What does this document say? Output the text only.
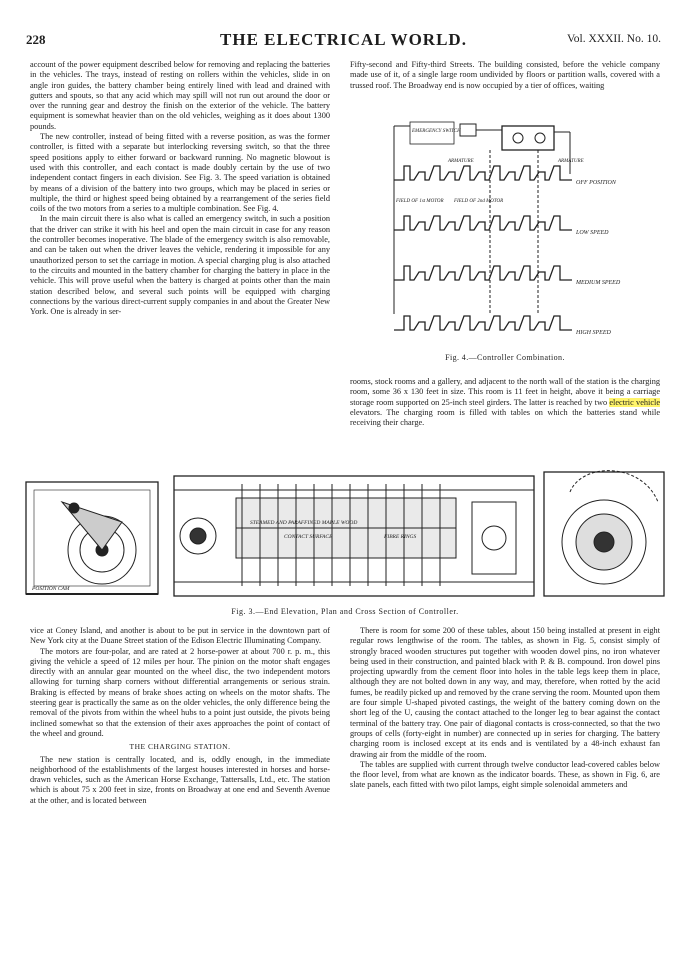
228	THE ELECTRICAL WORLD.	Vol. XXXII. No. 10.

account of the power equipment described below for removing and replacing the batteries in the vehicles. The trays, instead of resting on rollers within the vehicles, slide in on angle iron guides, the battery chamber being entirely lined with lead and drained with gutters and spouts, so that any acid which may spill will not run out around the door or over the running gear and destroy the finish on the exterior of the vehicle. The battery equipment is somewhat heavier than on the old vehicles, weighing as it does about 1300 pounds.

The new controller, instead of being fitted with a reverse position, as was the former controller, is fitted with a separate but interlocking reversing switch, so that the three speed positions apply to either forward or backward running. No magnetic blowout is used with this controller, and each contact is made doubly certain by the use of two independent contact fingers in each division. See Fig. 3. The speed variation is obtained by means of a division of the battery into two groups, which may be placed in series or multiple, the third or highest speed being obtained by a rearrangement of the series field coils of the two motors from a series to a multiple combination. See Fig. 4.

In the main circuit there is also what is called an emergency switch, in such a position that the driver can strike it with his heel and open the main circuit in case for any reason the controller becomes inoperative. The blade of the emergency switch is also removable, and can be taken out when the driver leaves the vehicle, rendering it impossible for any unauthorized person to set the carriage in motion. A special charging plug is also attached to the circuits and mounted in the battery chamber for charging the battery in place in the vehicle. This will prove useful when the battery is charged at points other than the main station described below, and several such points will be equipped with charging connections by the various direct-current supply companies in and about the Greater New York. One is already in ser-

Fifty-second and Fifty-third Streets. The building consisted, before the vehicle company made use of it, of a single large room undivided by floors or partition walls, covered with a trussed roof. The Broadway end is now occupied by a tier of offices, waiting

EMERGENCY SWITCH
ARMATURE	ARMATURE
FIELD OF 1st MOTOR FIELD OF 2nd MOTOR
OFF POSITION
LOW SPEED
MEDIUM SPEED
HIGH SPEED
Fig. 4.—Controller Combination.

rooms, stock rooms and a gallery, and adjacent to the north wall of the station is the charging room, some 36 x 130 feet in size. This room is 11 feet in height, above it being a carriage storage room supported on 25-inch steel girders. The latter is reached by two electric vehicle elevators. The charging room is filled with tables on which the batteries stand while receiving their charge.

STEAMED AND PARAFFINED MAPLE WOOD
CONTACT SURFACE	FIBRE RINGS
POSITION CAM
Fig. 3.—End Elevation, Plan and Cross Section of Controller.

vice at Coney Island, and another is about to be put in service in the downtown part of New York city at the Duane Street station of the Edison Electric Illuminating Company.

The motors are four-polar, and are rated at 2 horse-power at about 700 r. p. m., this giving the vehicle a speed of 12 miles per hour. The pinion on the motor shaft engages directly with an annular gear mounted on the wheel disc, the two independent motors allowing for turning sharp corners without differential arrangements or serious strain. Braking is effected by means of brake shoes acting on wheels on the motor shafts. The steering gear is practically the same as on the older vehicles, the only difference being the removal of the pivots from within the wheel hubs to a point just outside, the pivots being inclined somewhat so that the extension of their axes approaches the point of contact of the wheel and ground.

THE CHARGING STATION.

The new station is centrally located, and is, oddly enough, in the immediate neighborhood of the establishments of the largest houses interested in horses and horse-drawn vehicles, such as the American Horse Exchange, Tattersalls, Ltd., etc. The station which is about 75 x 200 feet in size, fronts on Broadway at one end and Seventh Avenue at the other, and is located between

There is room for some 200 of these tables, about 150 being installed at present in eight regular rows lengthwise of the room. The tables, as shown in Fig. 5, consist simply of strongly braced wooden structures put together with wooden dowel pins, no iron whatever being used in their construction, and painted black with P. & B. compound. Iron dowel pins projecting upwardly from the cement floor into holes in the table legs keep them in place, although they are not bolted down in any way, and may, therefore, when rotted by the acid fumes, be readily picked up and removed by the crane serving the room. Mounted upon them are four simple U-shaped pivoted castings, the weight of the battery coming down on the short leg of the U, causing the contact attached to the longer leg to bear against the contact terminal of the battery tray. One pair of diagonal contacts is cross-connected, so that the two groups of cells (forty-eight in number) are connected up in series for charging. The battery charging room is inclosed except at its ends and is ventilated by a 48-inch exhaust fan drawing air from the middle of the room.

The tables are supplied with current through twelve conductor lead-covered cables below the floor level, from what are known as the indicator boards. These, as shown in Fig. 6, are slate panels, each fitted with two pilot lamps, eight simple solenoidal ammeters and
